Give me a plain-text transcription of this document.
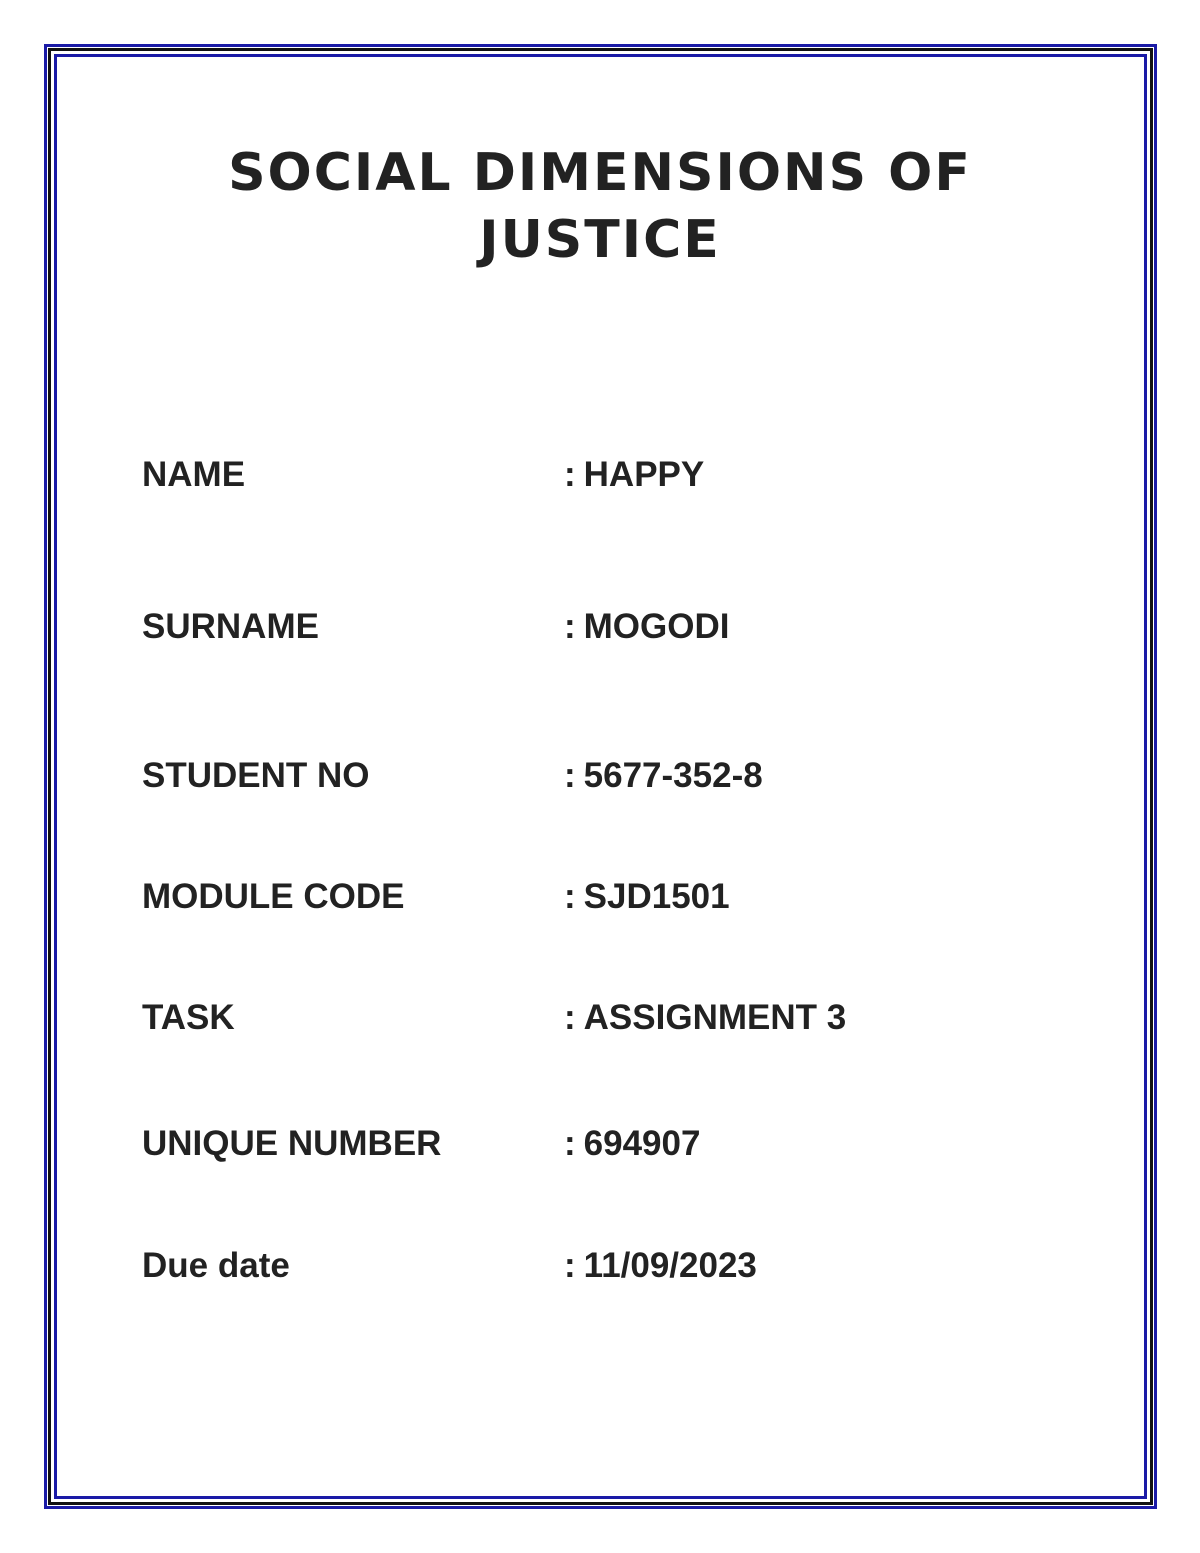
SOCIAL DIMENSIONS OF
JUSTICE
NAME	: HAPPY
SURNAME	: MOGODI
STUDENT NO	: 5677-352-8
MODULE CODE	: SJD1501
TASK	: ASSIGNMENT 3
UNIQUE NUMBER	: 694907
Due date	: 11/09/2023
